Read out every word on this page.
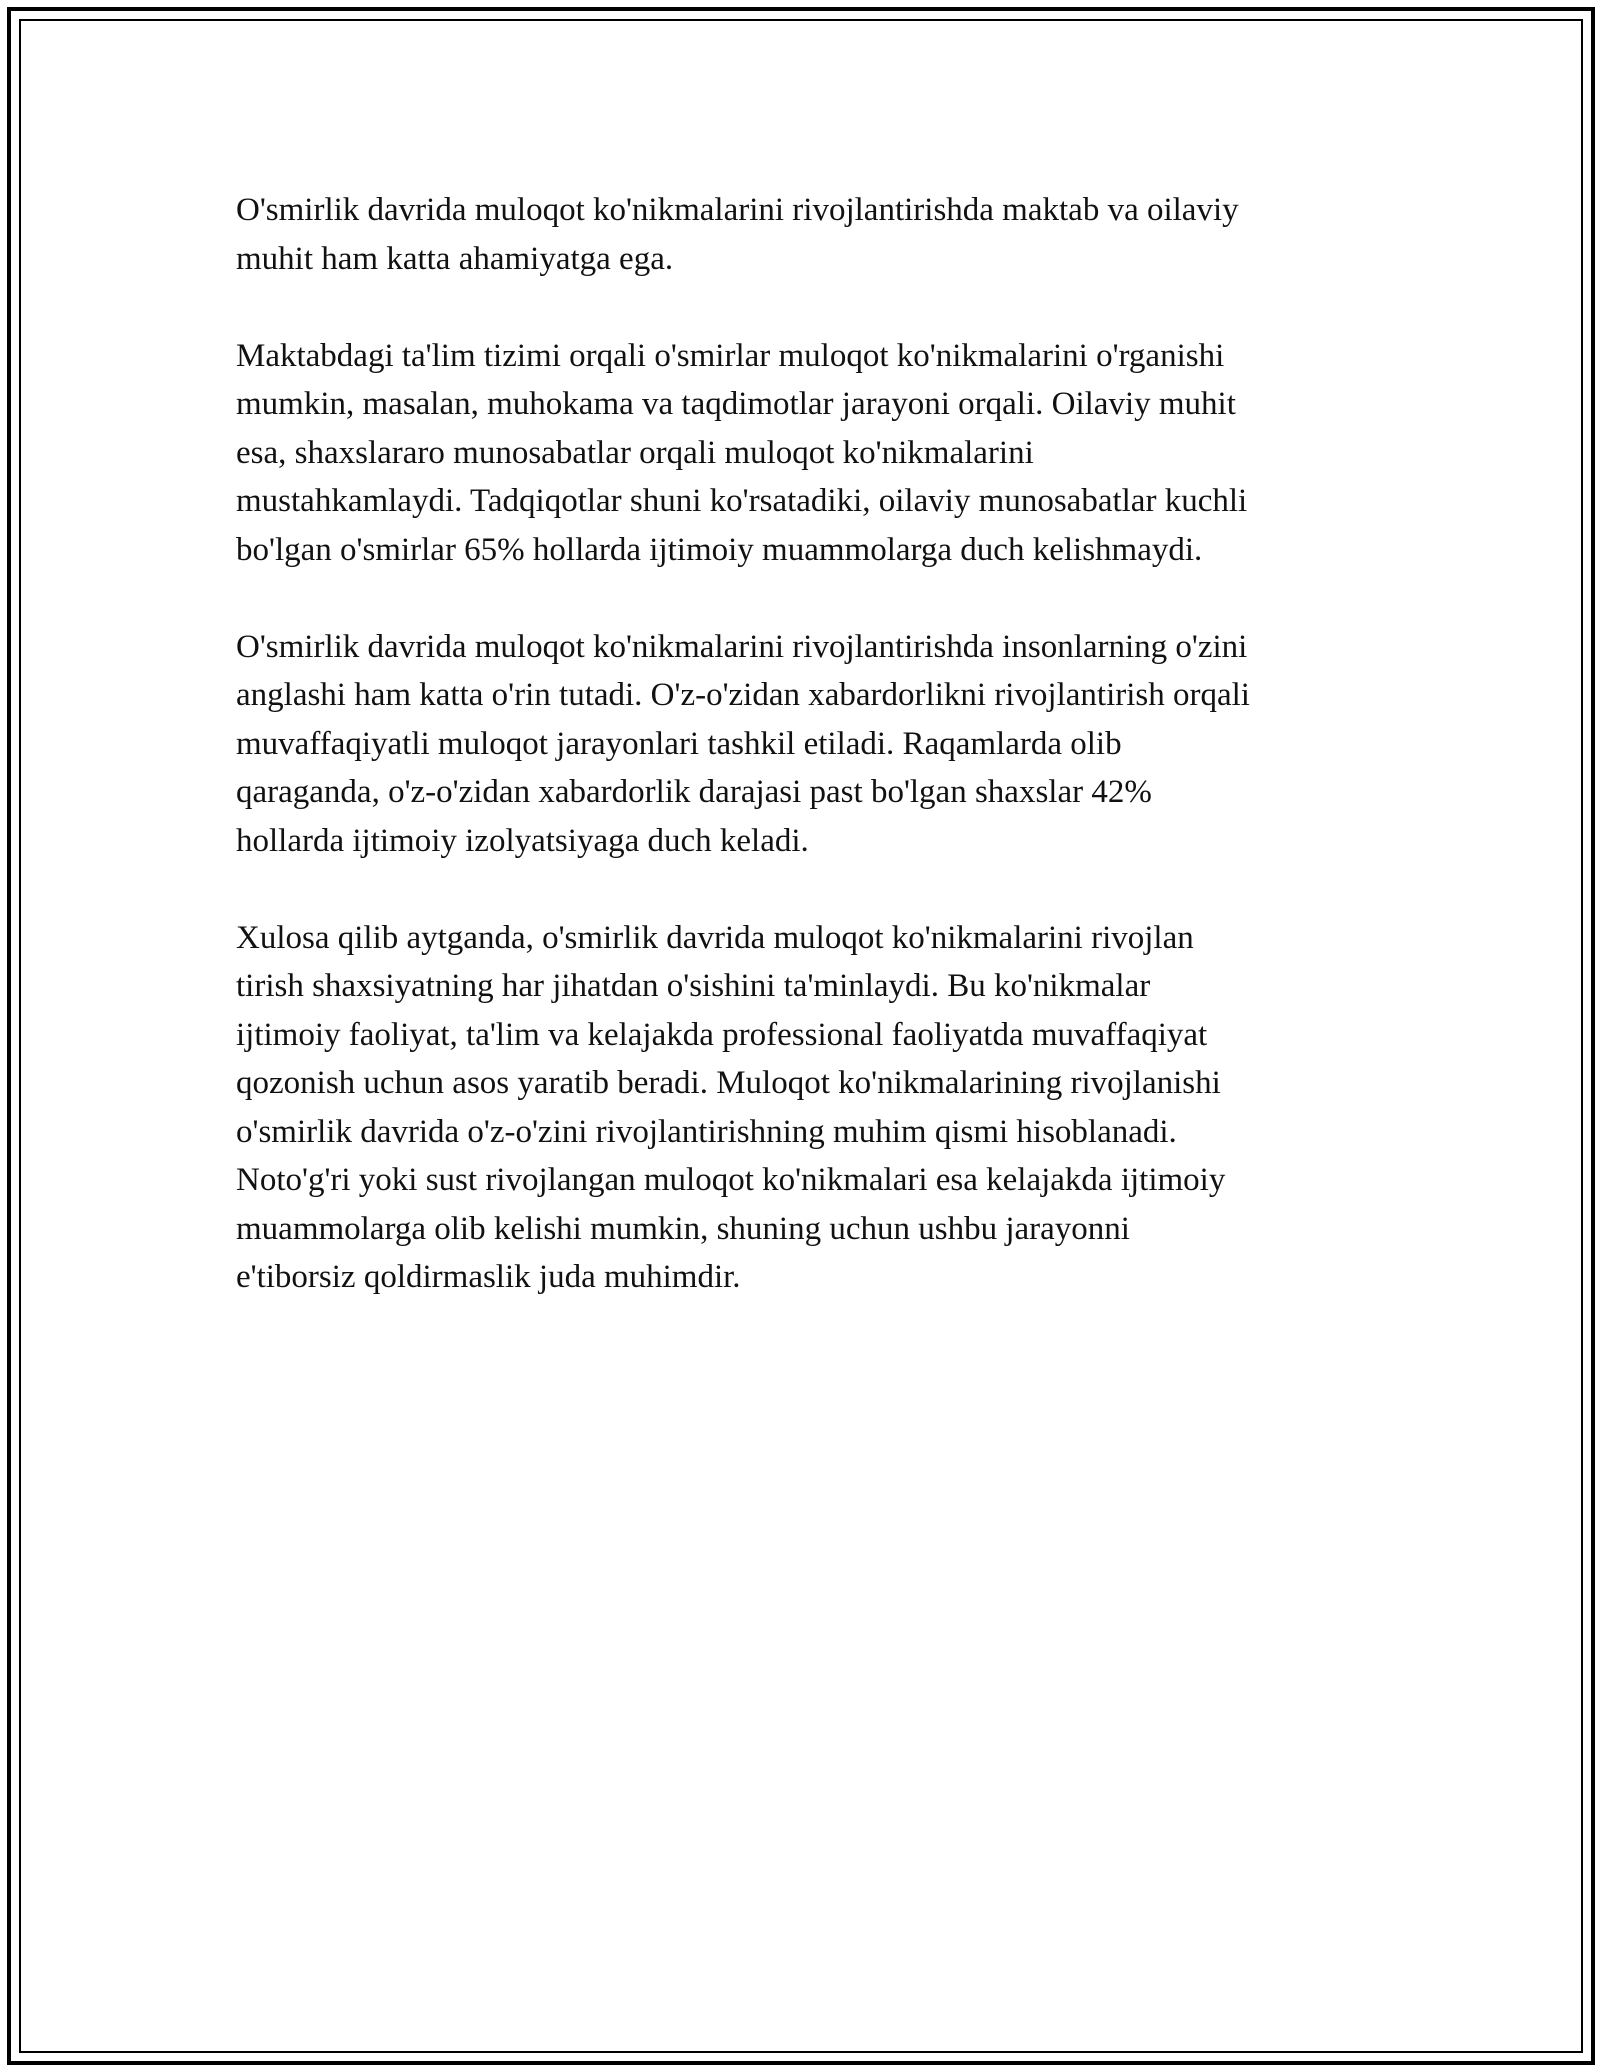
O'smirlik davrida muloqot ko'nikmalarini rivojlantirishda maktab va oilaviy
muhit ham katta ahamiyatga ega.

Maktabdagi ta'lim tizimi orqali o'smirlar muloqot ko'nikmalarini o'rganishi
mumkin, masalan, muhokama va taqdimotlar jarayoni orqali. Oilaviy muhit
esa, shaxslararo munosabatlar orqali muloqot ko'nikmalarini
mustahkamlaydi. Tadqiqotlar shuni ko'rsatadiki, oilaviy munosabatlar kuchli
bo'lgan o'smirlar 65% hollarda ijtimoiy muammolarga duch kelishmaydi.

O'smirlik davrida muloqot ko'nikmalarini rivojlantirishda insonlarning o'zini
anglashi ham katta o'rin tutadi. O'z-o'zidan xabardorlikni rivojlantirish orqali
muvaffaqiyatli muloqot jarayonlari tashkil etiladi. Raqamlarda olib
qaraganda, o'z-o'zidan xabardorlik darajasi past bo'lgan shaxslar 42%
hollarda ijtimoiy izolyatsiyaga duch keladi.

Xulosa qilib aytganda, o'smirlik davrida muloqot ko'nikmalarini rivojlan
tirish shaxsiyatning har jihatdan o'sishini ta'minlaydi. Bu ko'nikmalar
ijtimoiy faoliyat, ta'lim va kelajakda professional faoliyatda muvaffaqiyat
qozonish uchun asos yaratib beradi. Muloqot ko'nikmalarining rivojlanishi
o'smirlik davrida o'z-o'zini rivojlantirishning muhim qismi hisoblanadi.
Noto'g'ri yoki sust rivojlangan muloqot ko'nikmalari esa kelajakda ijtimoiy
muammolarga olib kelishi mumkin, shuning uchun ushbu jarayonni
e'tiborsiz qoldirmaslik juda muhimdir.
